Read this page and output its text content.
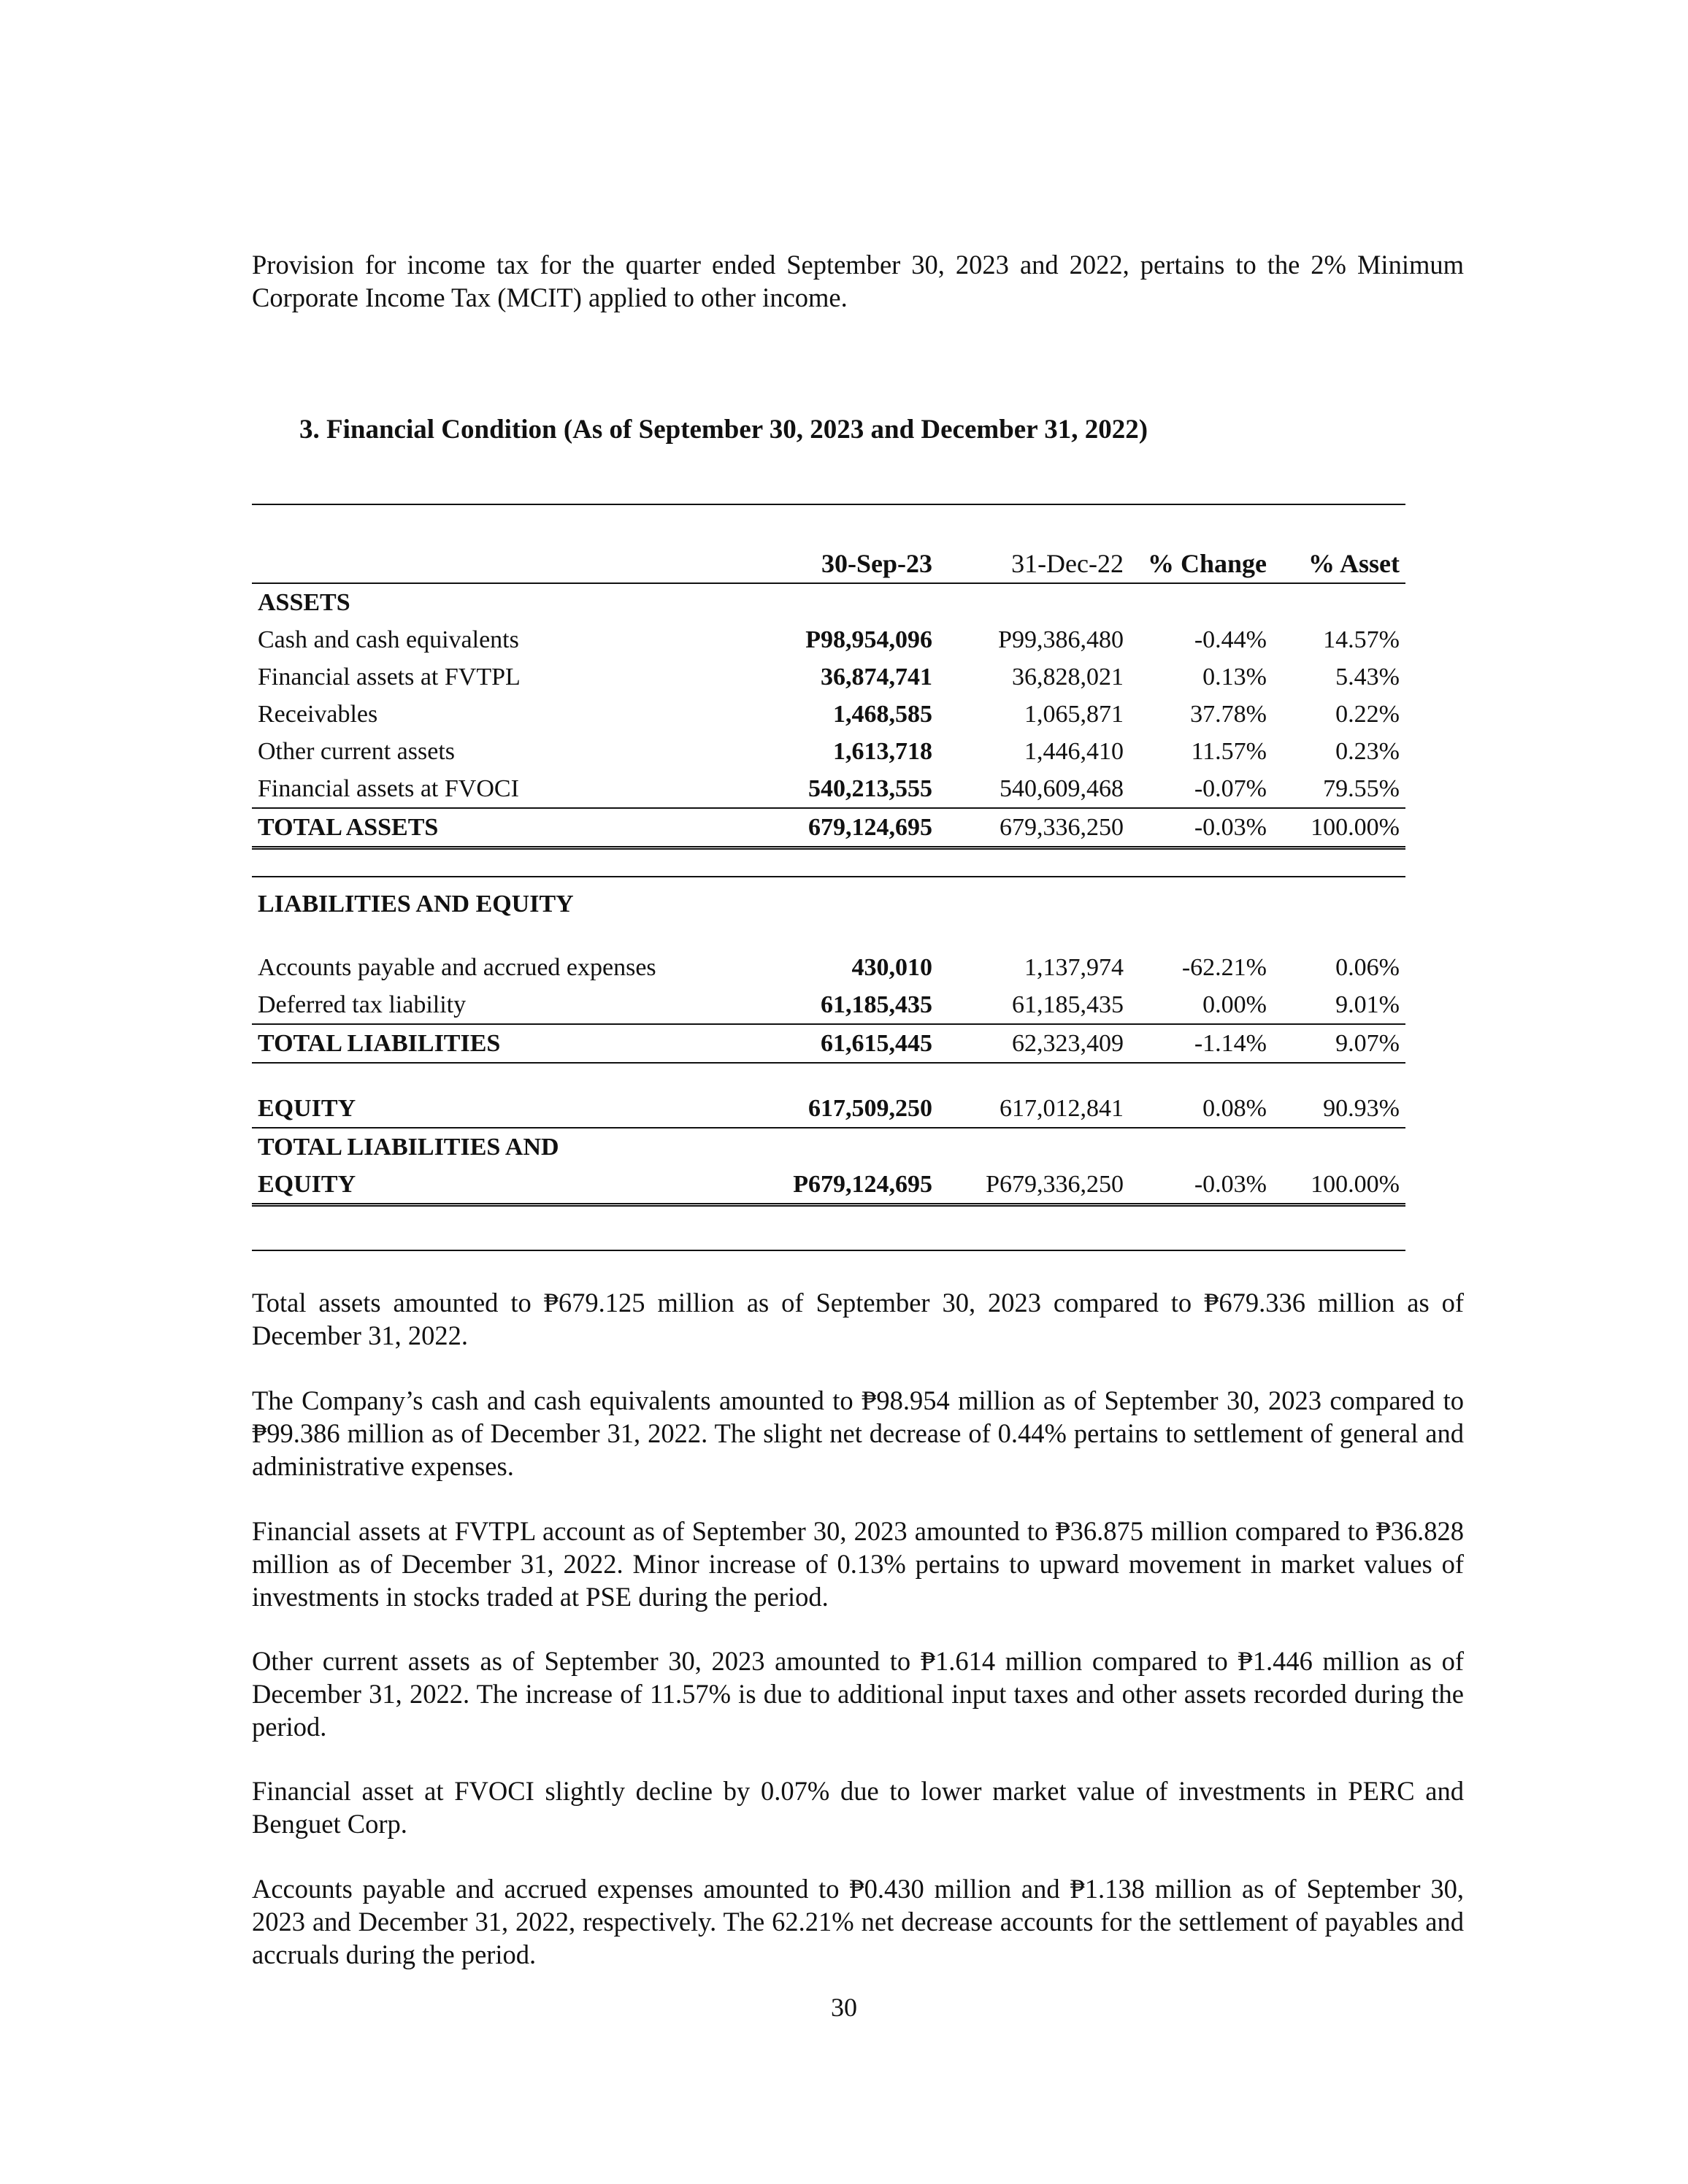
Provision for income tax for the quarter ended September 30, 2023 and 2022, pertains to the 2% Minimum Corporate Income Tax (MCIT) applied to other income.

3. Financial Condition (As of September 30, 2023 and December 31, 2022)

	30-Sep-23	31-Dec-22	% Change	% Asset
ASSETS				
Cash and cash equivalents	P98,954,096	P99,386,480	-0.44%	14.57%
Financial assets at FVTPL	36,874,741	36,828,021	0.13%	5.43%
Receivables	1,468,585	1,065,871	37.78%	0.22%
Other current assets	1,613,718	1,446,410	11.57%	0.23%
Financial assets at FVOCI	540,213,555	540,609,468	-0.07%	79.55%
TOTAL ASSETS	679,124,695	679,336,250	-0.03%	100.00%

LIABILITIES AND EQUITY				

Accounts payable and accrued expenses	430,010	1,137,974	-62.21%	0.06%
Deferred tax liability	61,185,435	61,185,435	0.00%	9.01%
TOTAL LIABILITIES	61,615,445	62,323,409	-1.14%	9.07%

EQUITY	617,509,250	617,012,841	0.08%	90.93%
TOTAL LIABILITIES AND				
EQUITY	P679,124,695	P679,336,250	-0.03%	100.00%

Total assets amounted to ₱679.125 million as of September 30, 2023 compared to ₱679.336 million as of December 31, 2022.

The Company’s cash and cash equivalents amounted to ₱98.954 million as of September 30, 2023 compared to ₱99.386 million as of December 31, 2022. The slight net decrease of 0.44% pertains to settlement of general and administrative expenses.

Financial assets at FVTPL account as of September 30, 2023 amounted to ₱36.875 million compared to ₱36.828 million as of December 31, 2022. Minor increase of 0.13% pertains to upward movement in market values of investments in stocks traded at PSE during the period.

Other current assets as of September 30, 2023 amounted to ₱1.614 million compared to ₱1.446 million as of December 31, 2022. The increase of 11.57% is due to additional input taxes and other assets recorded during the period.

Financial asset at FVOCI slightly decline by 0.07% due to lower market value of investments in PERC and Benguet Corp.

Accounts payable and accrued expenses amounted to ₱0.430 million and ₱1.138 million as of September 30, 2023 and December 31, 2022, respectively. The 62.21% net decrease accounts for the settlement of payables and accruals during the period.

30
